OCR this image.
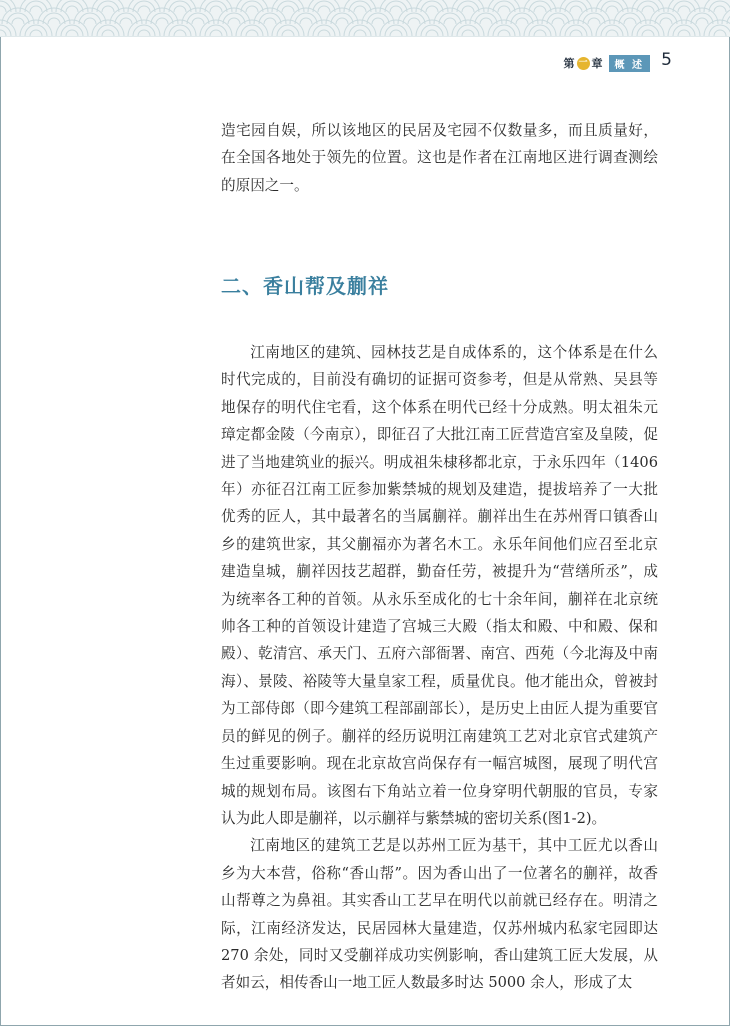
第 一 章	概 述	5

造宅园自娱，所以该地区的民居及宅园不仅数量多，而且质量好，在全国各地处于领先的位置。这也是作者在江南地区进行调查测绘的原因之一。

二、香山帮及蒯祥

江南地区的建筑、园林技艺是自成体系的，这个体系是在什么时代完成的，目前没有确切的证据可资参考，但是从常熟、吴县等地保存的明代住宅看，这个体系在明代已经十分成熟。明太祖朱元璋定都金陵（今南京），即征召了大批江南工匠营造宫室及皇陵，促进了当地建筑业的振兴。明成祖朱棣移都北京，于永乐四年（1406年）亦征召江南工匠参加紫禁城的规划及建造，提拔培养了一大批优秀的匠人，其中最著名的当属蒯祥。蒯祥出生在苏州胥口镇香山乡的建筑世家，其父蒯福亦为著名木工。永乐年间他们应召至北京建造皇城，蒯祥因技艺超群，勤奋任劳，被提升为“营缮所丞”，成为统率各工种的首领。从永乐至成化的七十余年间，蒯祥在北京统帅各工种的首领设计建造了宫城三大殿（指太和殿、中和殿、保和殿）、乾清宫、承天门、五府六部衙署、南宫、西苑（今北海及中南海）、景陵、裕陵等大量皇家工程，质量优良。他才能出众，曾被封为工部侍郎（即今建筑工程部副部长），是历史上由匠人提为重要官员的鲜见的例子。蒯祥的经历说明江南建筑工艺对北京官式建筑产生过重要影响。现在北京故宫尚保存有一幅宫城图，展现了明代宫城的规划布局。该图右下角站立着一位身穿明代朝服的官员，专家认为此人即是蒯祥，以示蒯祥与紫禁城的密切关系(图1-2)。

江南地区的建筑工艺是以苏州工匠为基干，其中工匠尤以香山乡为大本营，俗称“香山帮”。因为香山出了一位著名的蒯祥，故香山帮尊之为鼻祖。其实香山工艺早在明代以前就已经存在。明清之际，江南经济发达，民居园林大量建造，仅苏州城内私家宅园即达 270 余处，同时又受蒯祥成功实例影响，香山建筑工匠大发展，从者如云，相传香山一地工匠人数最多时达 5000 余人，形成了太
